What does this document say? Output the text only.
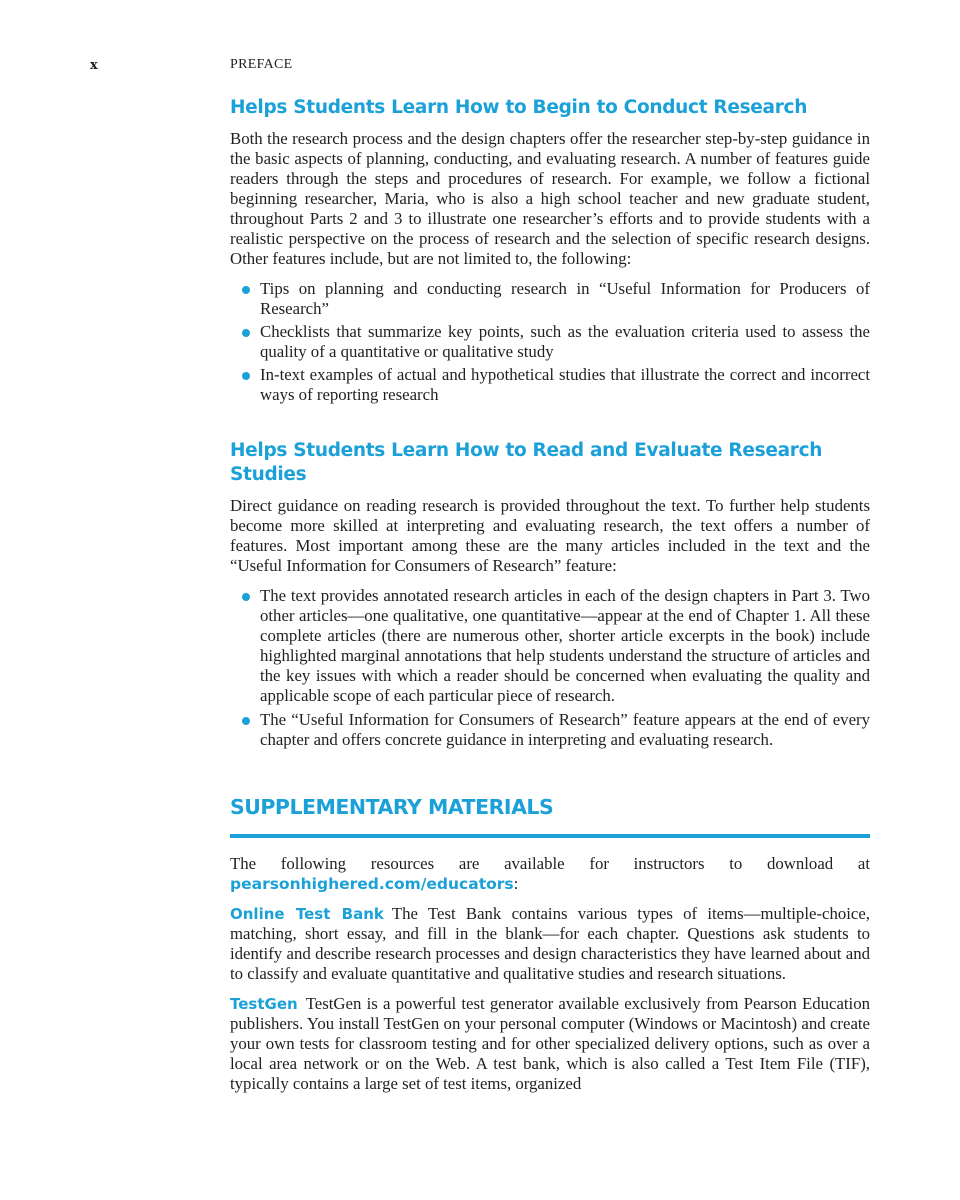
x	PREFACE
Helps Students Learn How to Begin to Conduct Research

Both the research process and the design chapters offer the researcher step-by-step guidance in the basic aspects of planning, conducting, and evaluating research. A number of features guide readers through the steps and procedures of research. For example, we follow a fictional beginning researcher, Maria, who is also a high school teacher and new graduate student, throughout Parts 2 and 3 to illustrate one researcher’s efforts and to provide students with a realistic perspective on the process of research and the selection of specific research designs. Other features include, but are not limited to, the following:

Tips on planning and conducting research in “Useful Information for Producers of Research”
Checklists that summarize key points, such as the evaluation criteria used to assess the quality of a quantitative or qualitative study
In-text examples of actual and hypothetical studies that illustrate the correct and incorrect ways of reporting research
Helps Students Learn How to Read and Evaluate Research Studies

Direct guidance on reading research is provided throughout the text. To further help students become more skilled at interpreting and evaluating research, the text offers a number of features. Most important among these are the many articles included in the text and the “Useful Information for Consumers of Research” feature:

The text provides annotated research articles in each of the design chapters in Part 3. Two other articles—one qualitative, one quantitative—appear at the end of Chapter 1. All these complete articles (there are numerous other, shorter article excerpts in the book) include highlighted marginal annotations that help students understand the structure of articles and the key issues with which a reader should be concerned when evaluating the quality and applicable scope of each particular piece of research.
The “Useful Information for Consumers of Research” feature appears at the end of every chapter and offers concrete guidance in interpreting and evaluating research.
SUPPLEMENTARY MATERIALS

The following resources are available for instructors to download at pearsonhighered.com/educators:

Online Test Bank The Test Bank contains various types of items—multiple-choice, matching, short essay, and fill in the blank—for each chapter. Questions ask students to identify and describe research processes and design characteristics they have learned about and to classify and evaluate quantitative and qualitative studies and research situations.

TestGen TestGen is a powerful test generator available exclusively from Pearson Education publishers. You install TestGen on your personal computer (Windows or Macintosh) and create your own tests for classroom testing and for other specialized delivery options, such as over a local area network or on the Web. A test bank, which is also called a Test Item File (TIF), typically contains a large set of test items, organized
